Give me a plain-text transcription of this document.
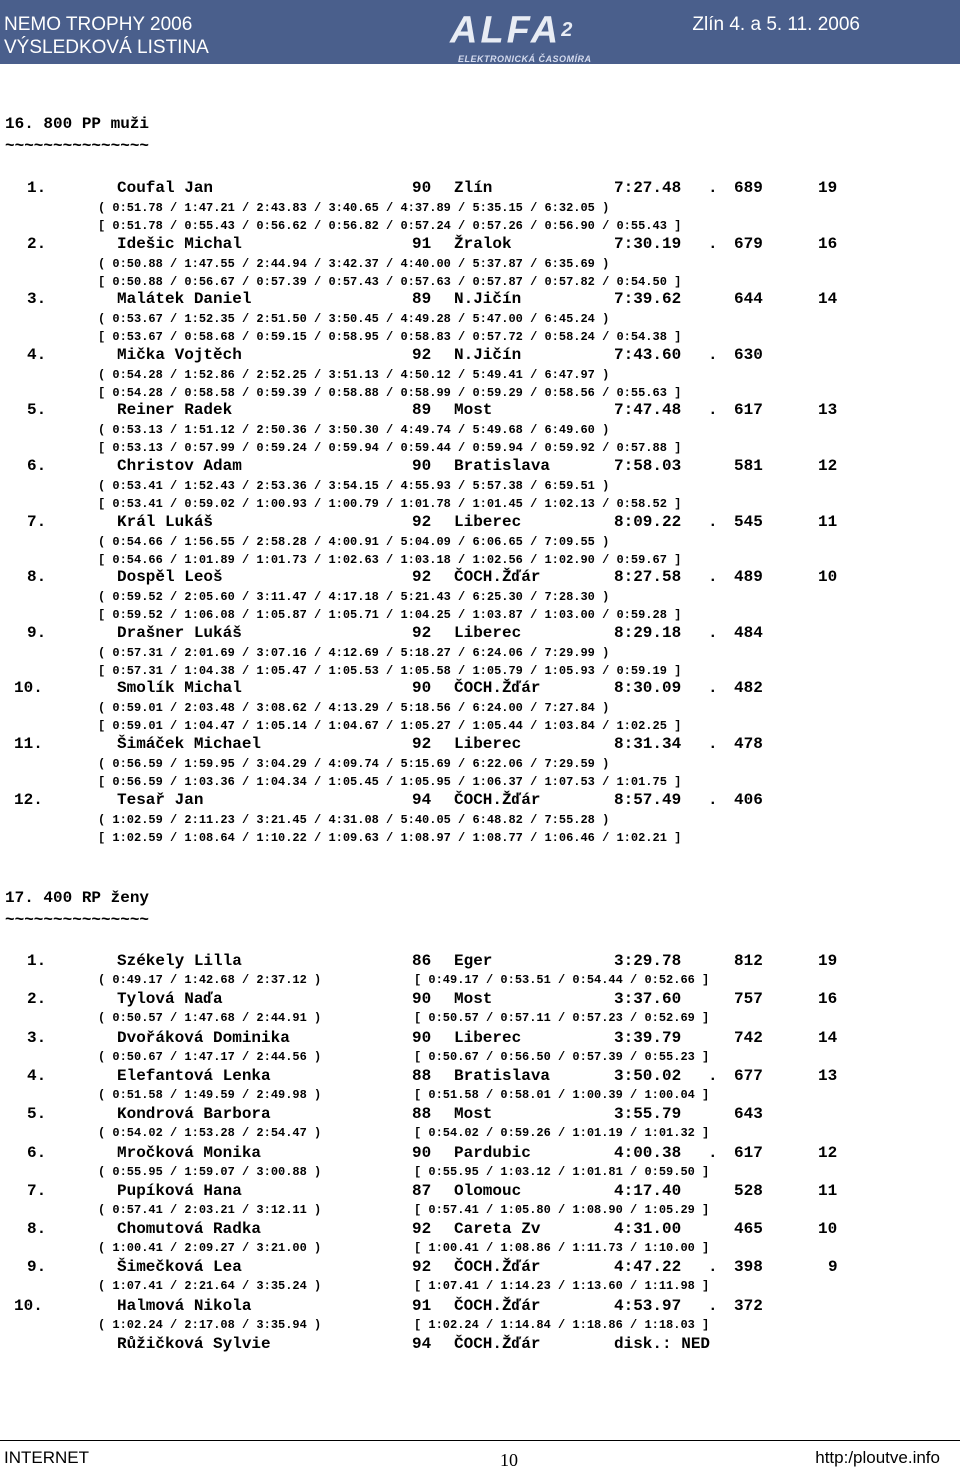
NEMO TROPHY 2006
VÝSLEDKOVÁ LISTINA	ALFA2
ELEKTRONICKÁ ČASOMÍRA
Zlín 4. a 5. 11. 2006
16. 800 PP muži
~~~~~~~~~~~~~~~
1.	Coufal Jan	90 Zlín	7:27.48 . 689	19
( 0:51.78 / 1:47.21 / 2:43.83 / 3:40.65 / 4:37.89 / 5:35.15 / 6:32.05 )
[ 0:51.78 / 0:55.43 / 0:56.62 / 0:56.82 / 0:57.24 / 0:57.26 / 0:56.90 / 0:55.43 ]
2.	Idešic Michal	91 Žralok	7:30.19 . 679	16
( 0:50.88 / 1:47.55 / 2:44.94 / 3:42.37 / 4:40.00 / 5:37.87 / 6:35.69 )
[ 0:50.88 / 0:56.67 / 0:57.39 / 0:57.43 / 0:57.63 / 0:57.87 / 0:57.82 / 0:54.50 ]
3.	Malátek Daniel	89 N.Jičín	7:39.62	644	14
( 0:53.67 / 1:52.35 / 2:51.50 / 3:50.45 / 4:49.28 / 5:47.00 / 6:45.24 )
[ 0:53.67 / 0:58.68 / 0:59.15 / 0:58.95 / 0:58.83 / 0:57.72 / 0:58.24 / 0:54.38 ]
4.	Mička Vojtěch	92 N.Jičín	7:43.60 . 630
( 0:54.28 / 1:52.86 / 2:52.25 / 3:51.13 / 4:50.12 / 5:49.41 / 6:47.97 )
[ 0:54.28 / 0:58.58 / 0:59.39 / 0:58.88 / 0:58.99 / 0:59.29 / 0:58.56 / 0:55.63 ]
5.	Reiner Radek	89 Most	7:47.48 . 617	13
( 0:53.13 / 1:51.12 / 2:50.36 / 3:50.30 / 4:49.74 / 5:49.68 / 6:49.60 )
[ 0:53.13 / 0:57.99 / 0:59.24 / 0:59.94 / 0:59.44 / 0:59.94 / 0:59.92 / 0:57.88 ]
6.	Christov Adam	90 Bratislava	7:58.03	581	12
( 0:53.41 / 1:52.43 / 2:53.36 / 3:54.15 / 4:55.93 / 5:57.38 / 6:59.51 )
[ 0:53.41 / 0:59.02 / 1:00.93 / 1:00.79 / 1:01.78 / 1:01.45 / 1:02.13 / 0:58.52 ]
7.	Král Lukáš	92 Liberec	8:09.22 . 545	11
( 0:54.66 / 1:56.55 / 2:58.28 / 4:00.91 / 5:04.09 / 6:06.65 / 7:09.55 )
[ 0:54.66 / 1:01.89 / 1:01.73 / 1:02.63 / 1:03.18 / 1:02.56 / 1:02.90 / 0:59.67 ]
8.	Dospěl Leoš	92 ČOCH.Žďár	8:27.58 . 489	10
( 0:59.52 / 2:05.60 / 3:11.47 / 4:17.18 / 5:21.43 / 6:25.30 / 7:28.30 )
[ 0:59.52 / 1:06.08 / 1:05.87 / 1:05.71 / 1:04.25 / 1:03.87 / 1:03.00 / 0:59.28 ]
9.	Drašner Lukáš	92 Liberec	8:29.18 . 484
( 0:57.31 / 2:01.69 / 3:07.16 / 4:12.69 / 5:18.27 / 6:24.06 / 7:29.99 )
[ 0:57.31 / 1:04.38 / 1:05.47 / 1:05.53 / 1:05.58 / 1:05.79 / 1:05.93 / 0:59.19 ]
10.	Smolík Michal	90 ČOCH.Žďár	8:30.09 . 482
( 0:59.01 / 2:03.48 / 3:08.62 / 4:13.29 / 5:18.56 / 6:24.00 / 7:27.84 )
[ 0:59.01 / 1:04.47 / 1:05.14 / 1:04.67 / 1:05.27 / 1:05.44 / 1:03.84 / 1:02.25 ]
11.	Šimáček Michael	92 Liberec	8:31.34 . 478
( 0:56.59 / 1:59.95 / 3:04.29 / 4:09.74 / 5:15.69 / 6:22.06 / 7:29.59 )
[ 0:56.59 / 1:03.36 / 1:04.34 / 1:05.45 / 1:05.95 / 1:06.37 / 1:07.53 / 1:01.75 ]
12.	Tesař Jan	94 ČOCH.Žďár	8:57.49 . 406
( 1:02.59 / 2:11.23 / 3:21.45 / 4:31.08 / 5:40.05 / 6:48.82 / 7:55.28 )
[ 1:02.59 / 1:08.64 / 1:10.22 / 1:09.63 / 1:08.97 / 1:08.77 / 1:06.46 / 1:02.21 ]
17. 400 RP ženy
~~~~~~~~~~~~~~~
1.	Székely Lilla	86 Eger	3:29.78	812	19
( 0:49.17 / 1:42.68 / 2:37.12 )	[ 0:49.17 / 0:53.51 / 0:54.44 / 0:52.66 ]
2.	Tylová Naďa	90 Most	3:37.60	757	16
( 0:50.57 / 1:47.68 / 2:44.91 )	[ 0:50.57 / 0:57.11 / 0:57.23 / 0:52.69 ]
3.	Dvořáková Dominika	90 Liberec	3:39.79	742	14
( 0:50.67 / 1:47.17 / 2:44.56 )	[ 0:50.67 / 0:56.50 / 0:57.39 / 0:55.23 ]
4.	Elefantová Lenka	88 Bratislava	3:50.02 . 677	13
( 0:51.58 / 1:49.59 / 2:49.98 )	[ 0:51.58 / 0:58.01 / 1:00.39 / 1:00.04 ]
5.	Kondrová Barbora	88 Most	3:55.79	643
( 0:54.02 / 1:53.28 / 2:54.47 )	[ 0:54.02 / 0:59.26 / 1:01.19 / 1:01.32 ]
6.	Mročková Monika	90 Pardubic	4:00.38 . 617	12
( 0:55.95 / 1:59.07 / 3:00.88 )	[ 0:55.95 / 1:03.12 / 1:01.81 / 0:59.50 ]
7.	Pupíková Hana	87 Olomouc	4:17.40	528	11
( 0:57.41 / 2:03.21 / 3:12.11 )	[ 0:57.41 / 1:05.80 / 1:08.90 / 1:05.29 ]
8.	Chomutová Radka	92 Careta Zv	4:31.00	465	10
( 1:00.41 / 2:09.27 / 3:21.00 )	[ 1:00.41 / 1:08.86 / 1:11.73 / 1:10.00 ]
9.	Šimečková Lea	92 ČOCH.Žďár	4:47.22 . 398	9
( 1:07.41 / 2:21.64 / 3:35.24 )	[ 1:07.41 / 1:14.23 / 1:13.60 / 1:11.98 ]
10.	Halmová Nikola	91 ČOCH.Žďár	4:53.97 . 372
( 1:02.24 / 2:17.08 / 3:35.94 )	[ 1:02.24 / 1:14.84 / 1:18.86 / 1:18.03 ]
Růžičková Sylvie	94 ČOCH.Žďár	disk.: NED
INTERNET	10	http:/ploutve.info
